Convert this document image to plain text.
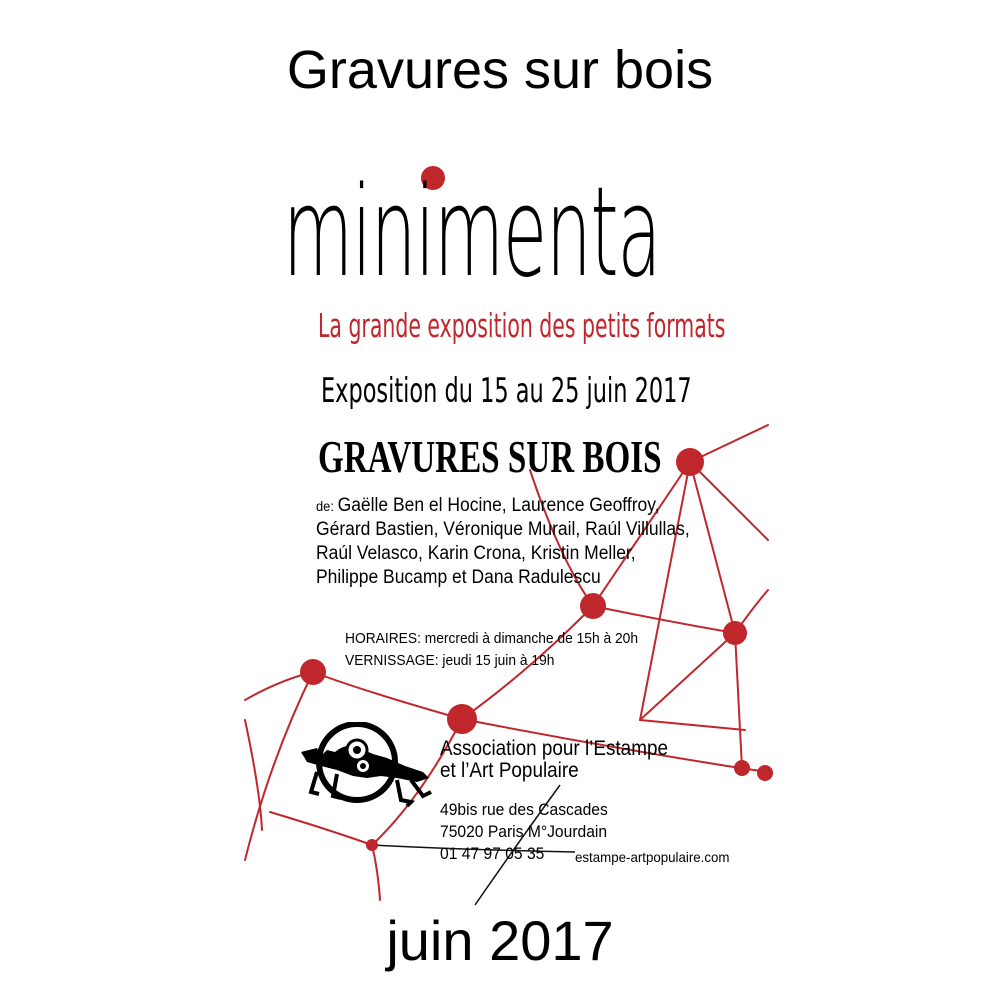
Gravures sur bois
minimenta
La grande exposition des petits formats
Exposition du 15 au 25 juin 2017
GRAVURES SUR BOIS
de: Gaëlle Ben el Hocine, Laurence Geoffroy,
Gérard Bastien, Véronique Murail, Raúl Villullas,
Raúl Velasco, Karin Crona, Kristin Meller,
Philippe Bucamp et Dana Radulescu
HORAIRES: mercredi à dimanche de 15h à 20h
VERNISSAGE: jeudi 15 juin à 19h
Association pour l’Estampe
et l’Art Populaire
49bis rue des Cascades
75020 Paris M°Jourdain
01 47 97 05 35	estampe-artpopulaire.com
juin 2017
